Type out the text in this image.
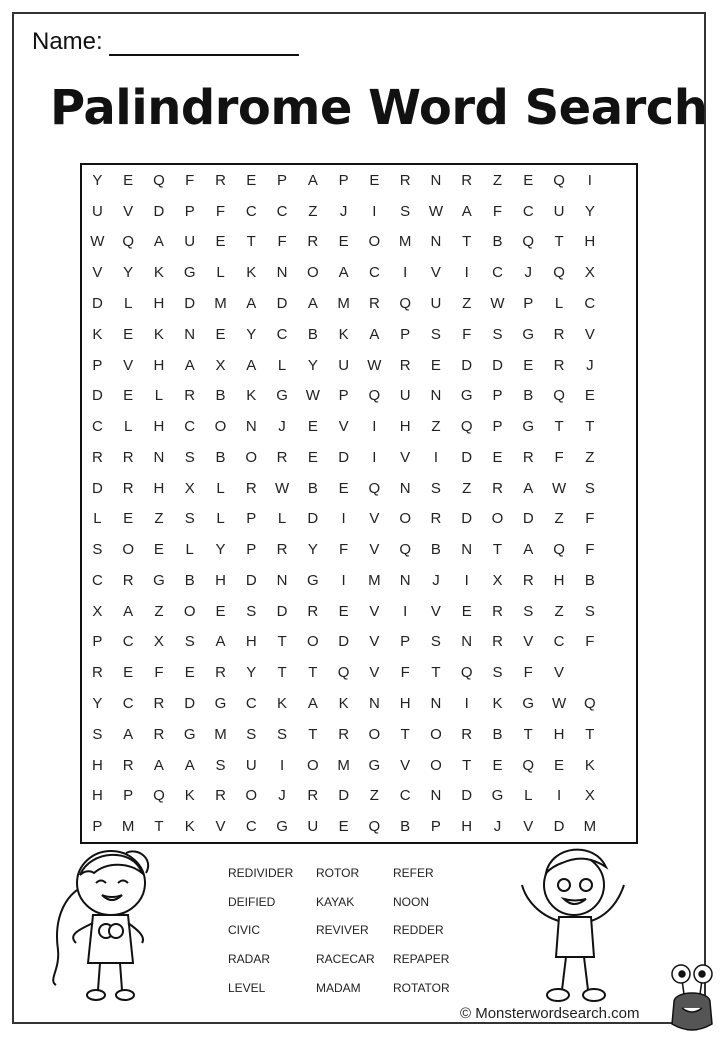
Name:
Palindrome Word Search
Y	E	Q	F	R	E	P	A	P	E	R	N	R	Z	E	Q	I
U	V	D	P	F	C	C	Z	J	I	S	W	A	F	C	U	Y
W	Q	A	U	E	T	F	R	E	O	M	N	T	B	Q	T	H
V	Y	K	G	L	K	N	O	A	C	I	V	I	C	J	Q	X
D	L	H	D	M	A	D	A	M	R	Q	U	Z	W	P	L	C
K	E	K	N	E	Y	C	B	K	A	P	S	F	S	G	R	V
P	V	H	A	X	A	L	Y	U	W	R	E	D	D	E	R	J
D	E	L	R	B	K	G	W	P	Q	U	N	G	P	B	Q	E
C	L	H	C	O	N	J	E	V	I	H	Z	Q	P	G	T	T
R	R	N	S	B	O	R	E	D	I	V	I	D	E	R	F	Z
D	R	H	X	L	R	W	B	E	Q	N	S	Z	R	A	W	S
L	E	Z	S	L	P	L	D	I	V	O	R	D	O	D	Z	F
S	O	E	L	Y	P	R	Y	F	V	Q	B	N	T	A	Q	F
C	R	G	B	H	D	N	G	I	M	N	J	I	X	R	H	B
X	A	Z	O	E	S	D	R	E	V	I	V	E	R	S	Z	S
P	C	X	S	A	H	T	O	D	V	P	S	N	R	V	C	F
R	E	F	E	R	Y	T	T	Q	V	F	T	Q	S	F	V
Y	C	R	D	G	C	K	A	K	N	H	N	I	K	G	W	Q
S	A	R	G	M	S	S	T	R	O	T	O	R	B	T	H	T
H	R	A	A	S	U	I	O	M	G	V	O	T	E	Q	E	K
H	P	Q	K	R	O	J	R	D	Z	C	N	D	G	L	I	X
P	M	T	K	V	C	G	U	E	Q	B	P	H	J	V	D	M
REDIVIDER	ROTOR	REFER
DEIFIED	KAYAK	NOON
CIVIC	REVIVER	REDDER
RADAR	RACECAR	REPAPER
LEVEL	MADAM	ROTATOR
© Monsterwordsearch.com
